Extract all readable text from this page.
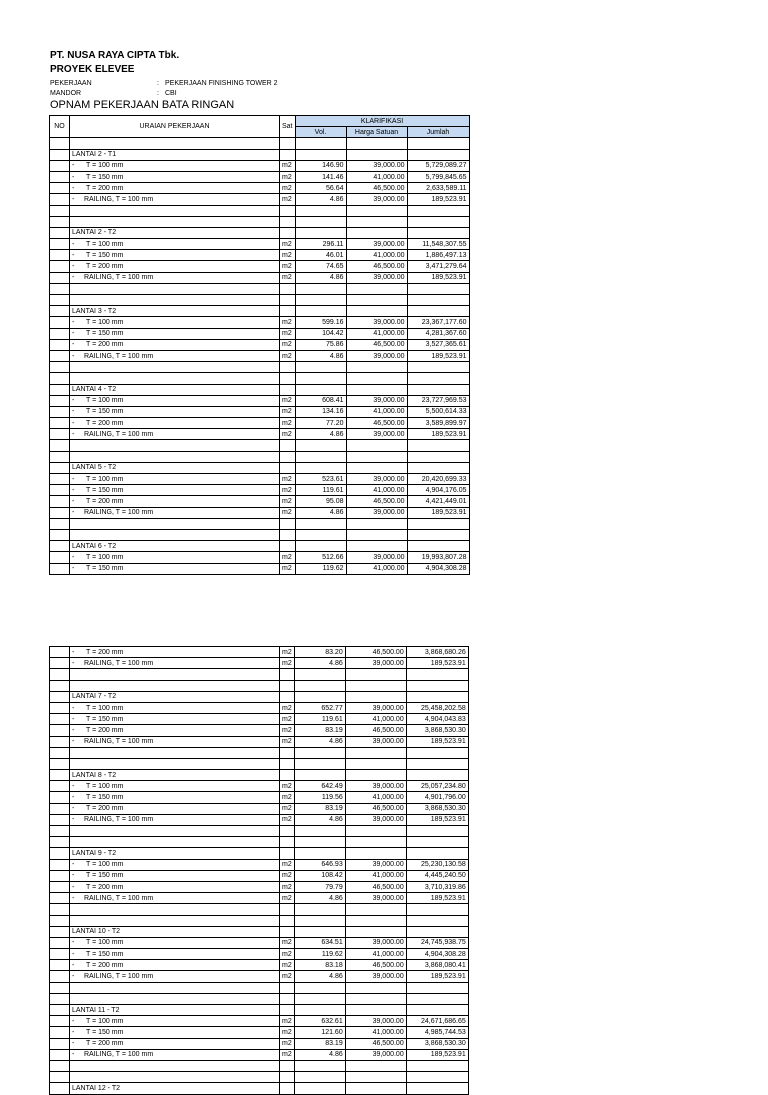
PT. NUSA RAYA CIPTA Tbk.
PROYEK ELEVEE
PEKERJAAN	: PEKERJAAN FINISHING TOWER 2
MANDOR	: CBI
OPNAM PEKERJAAN BATA RINGAN
NO	URAIAN PEKERJAAN	Sat	KLARIFIKASI		
			Vol.	Harga Satuan	Jumlah

	LANTAI 2 - T1				
	- T = 100 mm	m2	146.90	39,000.00	5,729,089.27
	- T = 150 mm	m2	141.46	41,000.00	5,799,845.65
	- T = 200 mm	m2	56.64	46,500.00	2,633,589.11
	- RAILING, T = 100 mm	m2	4.86	39,000.00	189,523.91

	LANTAI 2 - T2				
	- T = 100 mm	m2	296.11	39,000.00	11,548,307.55
	- T = 150 mm	m2	46.01	41,000.00	1,886,497.13
	- T = 200 mm	m2	74.65	46,500.00	3,471,279.64
	- RAILING, T = 100 mm	m2	4.86	39,000.00	189,523.91

	LANTAI 3 - T2				
	- T = 100 mm	m2	599.16	39,000.00	23,367,177.60
	- T = 150 mm	m2	104.42	41,000.00	4,281,367.60
	- T = 200 mm	m2	75.86	46,500.00	3,527,365.61
	- RAILING, T = 100 mm	m2	4.86	39,000.00	189,523.91

	LANTAI 4 - T2				
	- T = 100 mm	m2	608.41	39,000.00	23,727,969.53
	- T = 150 mm	m2	134.16	41,000.00	5,500,614.33
	- T = 200 mm	m2	77.20	46,500.00	3,589,899.97
	- RAILING, T = 100 mm	m2	4.86	39,000.00	189,523.91

	LANTAI 5 - T2				
	- T = 100 mm	m2	523.61	39,000.00	20,420,699.33
	- T = 150 mm	m2	119.61	41,000.00	4,904,176.05
	- T = 200 mm	m2	95.08	46,500.00	4,421,449.01
	- RAILING, T = 100 mm	m2	4.86	39,000.00	189,523.91

	LANTAI 6 - T2				
	- T = 100 mm	m2	512.66	39,000.00	19,993,807.28
	- T = 150 mm	m2	119.62	41,000.00	4,904,308.28
	- T = 200 mm	m2	83.20	46,500.00	3,868,680.26
	- RAILING, T = 100 mm	m2	4.86	39,000.00	189,523.91

	LANTAI 7 - T2				
	- T = 100 mm	m2	652.77	39,000.00	25,458,202.58
	- T = 150 mm	m2	119.61	41,000.00	4,904,043.83
	- T = 200 mm	m2	83.19	46,500.00	3,868,530.30
	- RAILING, T = 100 mm	m2	4.86	39,000.00	189,523.91

	LANTAI 8 - T2				
	- T = 100 mm	m2	642.49	39,000.00	25,057,234.80
	- T = 150 mm	m2	119.56	41,000.00	4,901,796.00
	- T = 200 mm	m2	83.19	46,500.00	3,868,530.30
	- RAILING, T = 100 mm	m2	4.86	39,000.00	189,523.91

	LANTAI 9 - T2				
	- T = 100 mm	m2	646.93	39,000.00	25,230,130.58
	- T = 150 mm	m2	108.42	41,000.00	4,445,240.50
	- T = 200 mm	m2	79.79	46,500.00	3,710,319.86
	- RAILING, T = 100 mm	m2	4.86	39,000.00	189,523.91

	LANTAI 10 - T2				
	- T = 100 mm	m2	634.51	39,000.00	24,745,938.75
	- T = 150 mm	m2	119.62	41,000.00	4,904,308.28
	- T = 200 mm	m2	83.18	46,500.00	3,868,080.41
	- RAILING, T = 100 mm	m2	4.86	39,000.00	189,523.91

	LANTAI 11 - T2				
	- T = 100 mm	m2	632.61	39,000.00	24,671,686.65
	- T = 150 mm	m2	121.60	41,000.00	4,985,744.53
	- T = 200 mm	m2	83.19	46,500.00	3,868,530.30
	- RAILING, T = 100 mm	m2	4.86	39,000.00	189,523.91

	LANTAI 12 - T2				
